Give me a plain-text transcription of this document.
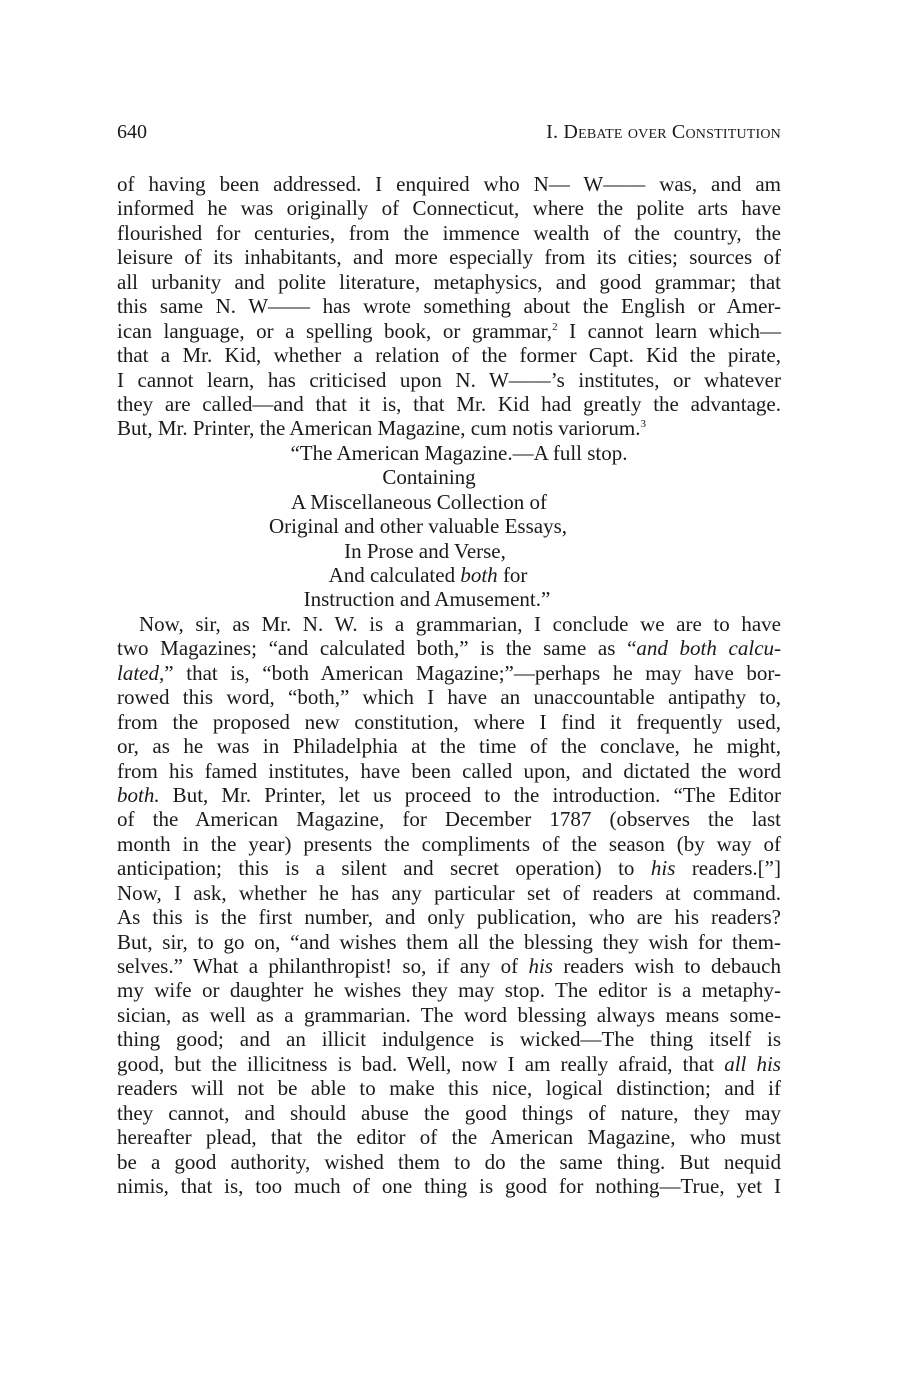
640	I. Debate over Constitution
of having been addressed. I enquired who N— W—— was, and am
informed he was originally of Connecticut, where the polite arts have
flourished for centuries, from the immence wealth of the country, the
leisure of its inhabitants, and more especially from its cities; sources of
all urbanity and polite literature, metaphysics, and good grammar; that
this same N. W—— has wrote something about the English or Amer-
ican language, or a spelling book, or grammar,$^2$ I cannot learn which—
that a Mr. Kid, whether a relation of the former Capt. Kid the pirate,
I cannot learn, has criticised upon N. W——’s institutes, or whatever
they are called—and that it is, that Mr. Kid had greatly the advantage.
But, Mr. Printer, the American Magazine, cum notis variorum.$^3$
“The American Magazine.—A full stop.
Containing
A Miscellaneous Collection of
Original and other valuable Essays,
In Prose and Verse,
And calculated both for
Instruction and Amusement.”
Now, sir, as Mr. N. W. is a grammarian, I conclude we are to have
two Magazines; “and calculated both,” is the same as “and both calcu-
lated,” that is, “both American Magazine;”—perhaps he may have bor-
rowed this word, “both,” which I have an unaccountable antipathy to,
from the proposed new constitution, where I find it frequently used,
or, as he was in Philadelphia at the time of the conclave, he might,
from his famed institutes, have been called upon, and dictated the word
both. But, Mr. Printer, let us proceed to the introduction. “The Editor
of the American Magazine, for December 1787 (observes the last
month in the year) presents the compliments of the season (by way of
anticipation; this is a silent and secret operation) to his readers.[”]
Now, I ask, whether he has any particular set of readers at command.
As this is the first number, and only publication, who are his readers?
But, sir, to go on, “and wishes them all the blessing they wish for them-
selves.” What a philanthropist! so, if any of his readers wish to debauch
my wife or daughter he wishes they may stop. The editor is a metaphy-
sician, as well as a grammarian. The word blessing always means some-
thing good; and an illicit indulgence is wicked—The thing itself is
good, but the illicitness is bad. Well, now I am really afraid, that all his
readers will not be able to make this nice, logical distinction; and if
they cannot, and should abuse the good things of nature, they may
hereafter plead, that the editor of the American Magazine, who must
be a good authority, wished them to do the same thing. But nequid
nimis, that is, too much of one thing is good for nothing—True, yet I
